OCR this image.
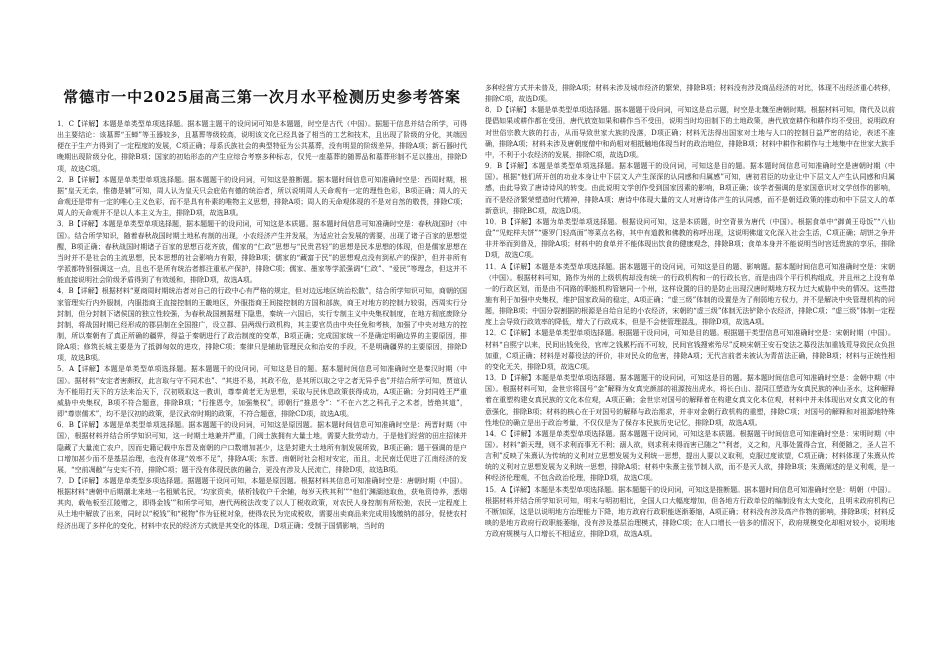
常德市一中2025届高三第一次月水平检测历史参考答案

1．C【详解】本题是单类型单项选择题。据本题主题干的设问词可知是本题题，时空是古代（中国）。据题干信息并结合所学，可得出主要结论：该墓葬“玉蝉”等玉器较多，且墓葬等级较高，说明该文化已经具备了相当的工艺和技术，且出现了阶级的分化，其端因便在于生产力得到了一定程度的发展，C项正确；母系氏族社会的典型特征为公共墓葬，没有明显的阶级差异，排除A项；新石器时代晚期出现阶级分化，排除B项；国家的初始形态的产生应综合考察多种标志，仅凭一座墓葬的随葬品和墓葬形制不足以推出，排除D项，故选C项。

2．B【详解】本题是单类型单项选择题。据本题题干的设问词，可知这是推断题。据本题时间信息可知准确时空是：西周时期，根据“皇天无亲，惟德是辅”可知，周人认为皇天只会庇佑有德的统治者，所以说明周人天命观有一定的理性色彩，B项正确；周人的天命观还是带有一定的唯心主义色彩，而不是具有朴素的唯物主义思想，排除A项；周人的天命观体现的不是对自然的敬畏，排除C项；周人的天命观并不是以人本主义为主，排除D项，故选B项。

3．B【详解】本题是单类型单项选择题，据本题题干的设问词，可知这是本质题。据本题时间信息可知准确时空是：春秋战国时（中国）。结合所学知识，随着春秋战国时期土地私有制的出现，小农经济产生并发展，为适应社会发展的需要，出现了诸子百家的思想觉醒，B项正确；春秋战国时期诸子百家的思想百花齐放，儒家的“仁政”思想与“民贵君轻”的思想是民本思想的体现，但是儒家思想在当时并不是社会的主流思想，民本思想的社会影响力有限，排除B项；儒家的“藏富于民”的思想观点没有到私产的保护，但并非所有学派都特别强调这一点，且也不是所有统治者都注重私产保护，排除C项；儒家、墨家等学派强调“仁政”、“爱民”等理念，但这并不能直接说明社会阶级矛盾得到了有效缓和，排除D项，故选A项。

4．B【详解】根据材料“夏商周时期统治者对自己的行政中心有严格的规定，但对边远地区统治松散”，结合所学知识可知，商朝的国家管理实行内外服制，内服指商王直接控制的王畿地区，外服指商王间接控制的方国和部族，商王对地方的控制力较弱，西周实行分封制，但分封制下诸侯国的独立性较强，为春秋战国割据埋下隐患，秦统一六国后，实行专制主义中央集权制度，在地方彻底废除分封制，将战国时期已经形成的郡县制在全国推广，设立郡、县两级行政机构，其主要官员由中央任免和考核，加强了中央对地方的控制，所以秦朝有了真正所确的疆界，得益于秦朝进行了政治制度的变革，B项正确；完成国家统一不是确定明确边界的主要原因，排除A项；修筑长城主要是为了抵御匈奴的进攻，排除C项；秦律只是辅助管理民众和治安的手段，不是明确疆界的主要原因，排除D项，故选B项。

5．A【详解】本题是单类型单项选择题。据本题题干的设问词，可知这是目的题。据本题时间信息可知准确时空是秦汉时期（中国）。据材料“安定者害颇权，此言取与守不同术也”、“其进不易，其政不危，是其所以取之守之者无异乎也”并结合所学可知，贾谊认为不能用打天下的方法来治天下，汉初吸取这一教训，尊奉黄老无为思想，采取与民休息政策获得成功，A项正确；分封同姓王严重威胁中央集权，B项不符合题意，排除B项；“行推恩令，加强集权”，即朝行“推恩令”：“不在六艺之科孔子之术者，皆绝其道”，即“尊崇儒术”，均不是汉初的政策，是汉武帝时期的政策，不符合题意，排除CD项，故选A项。

6．B【详解】本题是单类型单项选择题。据本题题干的设问词，可知这是原因题。据本题时间信息可知准确时空是：两晋时期（中国），根据材料并结合所学知识可知，这一时期土地兼并严重，门阀士族拥有大量土地，需要大批劳动力，于是他们经营的田庄招徕并隐藏了大量流亡农户，因而史籍记载中东晋及南朝的户口数增加甚少，这是封建大土地所有制发展所致，B项正确；题干强调的是户口增加甚少而不是基层治理，也没有体现“效率不足”，排除A项；东晋、南朝时社会相对安定，而且，北民南迁促进了江南经济的发展，“空前凋敝”与史实不符，排除C项；题干没有体现民族的融合，更没有涉及人民流亡，排除D项，故选B项。

7．D【详解】本题是单类型多项选择题。据题题干设问可知，本题是原因题。根据材料其信息可知准确时空是：唐朝时期（中国）。根据材料“唐朝中后期潮北来地一名租赋名民，‘均家资卖，俵析钱收户千余辅，每岁天秩其利’”“他们‘渊湖池取鱼，获龟资侍养，悉烟其肉，载龟板至江陵赠之，即得金钱’”和所学可知，唐代两税法改变了以人丁税收政策，对农民人身控制有所松弛，农民一定程度上从土地中解放了出来，同时以“税钱”和“税物”作为征税对象，使得农民为完成税收，需要出卖商品来完成用钱缴纳的部分，促使农村经济出现了多样化的变化，材料中农民的经济方式就是其变化的体现，D项正确；受制于国情影响，当时的

多种经营方式并未普及，排除A项；材料未涉及城市经济的繁荣，排除B项；材料没有涉及商品经济的对比，体现不出经济重心转移，排除C项，故选D项。

8．D【详解】本题是单类型单项选择题。据本题题干设问词，可知这是启示题，时空是北魏至唐朝时期。根据材料可知，隋代及以前提倡如果或耕作都在受田，唐代放宽如果和耕作当不受田，说明当时均田制下的土地政策，唐代放宽耕作和耕作均不受田，说明政府对世俗宗教大族的打击，从而导致世家大族的没落，D项正确；材料无法得出国家对土地与人口的控制日益严密的结论，表述不准确，排除A项；材料未涉及唐朝度僧中和尚相对相抵触地体现当时的政治地位，排除B项；材料中耕作和耕作与土地集中在世家大族手中，不利于小农经济的发展，排除C项，故选D项。

9．B【详解】本题是单类型单项选择题。据本题题干的设问词，可知这是目的题。据本题时间信息可知准确时空是唐朝时期（中国）。根据“他们所开创的功业本身让中下层文人产生深深的认同感和归属感”可知，唐初君臣的功业让中下层文人产生认同感和归属感，由此导致了唐诗诗风的转变。由此说明文学创作受到国家因素的影响，B项正确；该学者强调的是家国意识对文学创作的影响，而不是经济繁荣塑造时代精神，排除A项；唐诗中体现大量的文人对唐诗体产生的认同感，而不是朝廷政策的推动和中下层文人的革新意识，排除BC项，故选D项。

10．B【详解】本题为单类型单项选择题。根据设问可知，这是本质题，时空背景为唐代（中国）。根据食单中“御黄王母饭”“八仙盘”“见蛇样夫饼”“婆罗门轻高面”等菜点名称，其中有道教和佛教的称呼出现，这说明佛道文化深入社会生活，C项正确；胡饼之争并非并举而到普及，排除A项；材料中的食单并不能体现出饮食的健康观念，排除B项；食单本身并不能说明当时宫廷贵族的享乐，排除D项，故选C项。

11．A【详解】本题是本类型单项选择题。据本题题干的设问词，可知这是目的题、影响题。据本题时间信息可知准确时空是：宋朝（中国）。根据材料可知，路作为州的上级机构却没有统一的行政机构和一的行政长官，而是由四个平行机构组成，并且州之上没有单一的行政区划，而是由不同路的职能机构管辖同一个州，这样设置的目的是防止出现汉唐时期地方权力过大威胁中央的情况。这些措施有利于加强中央集权，维护国家政局的稳定，A项正确；“虚三级”体制的设置是为了削弱地方权力，并不是解决中央管理机构的问题，排除B项；中国分裂割据的根源是自给自足的小农经济，宋朝的“虚三级”体制无法铲除小农经济，排除C项；“虚三级”体制一定程度上会导致行政效率的降低，增大了行政成本，但是不会使管理混乱，排除D项，故选A项。

12．C【详解】本题是单类型单项选择题。根据题干设问词，可知是目的题。根据题干类型信息可知准确时空是：宋朝时期（中国）。材料“自熙宁以来，民间出钱免役，官库之钱累朽而不可较，民间官钱搜索殆尽”反映宋朝王安石变法之募役法加重钱荒导致民众负担加重，C项正确；材料是对募役法的评价，非对民众的危害，排除A项；无代言前者未被认为青苗法正确，排除B项；材料与正统性相的变化无关，排除D项，故选C项。

13．D【详解】本题是单类型单项选择题。据本题题干的设问词，可知这是目的题。据本题时间信息可知准确时空是：金朝中期（中国）。根据材料可知，金世宗将国号“金”解释为女真完颜部的祖源按出虎水，将长白山、混同江塑造为女真民族的神山圣水，这种解释着在重塑构建女真民族的文化本位观，A项正确；金世宗对国号的解释着在构建女真文化本位观，材料中并未体现出对女真文化的有意强化，排除B项；材料的核心在于对国号的解释与政治需求，并非对金朝行政机构的重塑，排除C项；对国号的解释和对祖源地特殊性地位的确立是出于政治考量，不仅仅是为了保存本民族历史记忆，排除D项，故选A项。

14．C【详解】本题是单类型单项选择题。据本题题干设问词，可知这是本质题。根据题干时间信息可知准确时空是：宋明时期（中国）。材料“新天理，则不求利而事无不利；溺人欲，则求利未得而害已随之”“利者，义之和，凡事处置得合宜，利便随之，圣人岂不言利”反映了朱熹认为传统的义利对立思想发展为义利统一思想，提出人要以义取利，克服过度欲望，C项正确；材料体现了朱熹从传统的义利对立思想发展为义利统一思想，排除A项；材料中朱熹主张节制人欲，而不是灭人欲，排除B项；朱熹阐述的是义利观，是一种经济伦理观，不包含政治伦理，排除D项，故选C项。

15．A【详解】本题是本类型单项选择题。据本题题干的设问词，可知这是推断题。据本题时间信息可知准确时空是：明朝（中国）。根据材料并结合所学知识可知，明末与明初相比，全国人口大幅度增加，但各地方行政单位的编制没有太大变化，且明末政府机构已不断加深，这是以说明地方治理能力下降，地方政府行政职能逐渐萎缩，A项正确；材料没有涉及高产作物的影响，排除B项；材料反映的是地方政府行政职能萎缩，没有涉及基层治理模式，排除C项；在人口增长一倍多的情况下，政府规模变化却相对较小，说明地方政府规模与人口增长不相适应，排除D项，故选A项。
